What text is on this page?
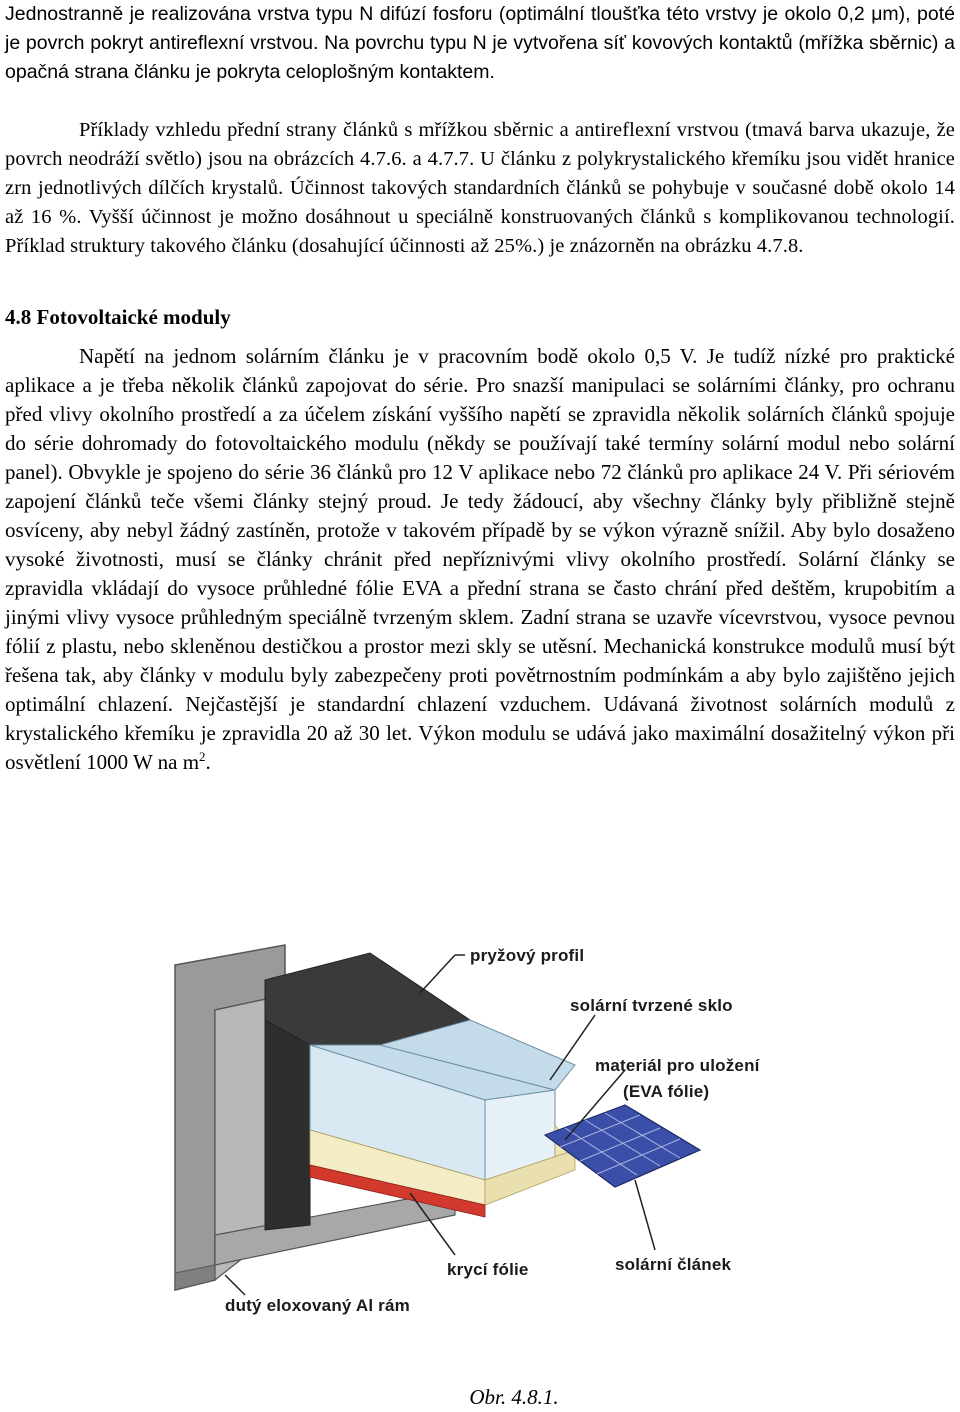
Jednostranně je realizována vrstva typu N difúzí fosforu (optimální tloušťka této vrstvy je okolo 0,2 μm), poté je povrch pokryt antireflexní vrstvou. Na povrchu typu N je vytvořena síť kovových kontaktů (mřížka sběrnic) a opačná strana článku je pokryta celoplošným kontaktem.

Příklady vzhledu přední strany článků s mřížkou sběrnic a antireflexní vrstvou (tmavá barva ukazuje, že povrch neodráží světlo) jsou na obrázcích 4.7.6. a 4.7.7. U článku z polykrystalického křemíku jsou vidět hranice zrn jednotlivých dílčích krystalů. Účinnost takových standardních článků se pohybuje v současné době okolo 14 až 16 %. Vyšší účinnost je možno dosáhnout u speciálně konstruovaných článků s komplikovanou technologií. Příklad struktury takového článku (dosahující účinnosti až 25%.) je znázorněn na obrázku 4.7.8.

4.8 Fotovoltaické moduly

Napětí na jednom solárním článku je v pracovním bodě okolo 0,5 V. Je tudíž nízké pro praktické aplikace a je třeba několik článků zapojovat do série. Pro snazší manipulaci se solárními články, pro ochranu před vlivy okolního prostředí a za účelem získání vyššího napětí se zpravidla několik solárních článků spojuje do série dohromady do fotovoltaického modulu (někdy se používají také termíny solární modul nebo solární panel). Obvykle je spojeno do série 36 článků pro 12 V aplikace nebo 72 článků pro aplikace 24 V. Při sériovém zapojení článků teče všemi články stejný proud. Je tedy žádoucí, aby všechny články byly přibližně stejně osvíceny, aby nebyl žádný zastíněn, protože v takovém případě by se výkon výrazně snížil. Aby bylo dosaženo vysoké životnosti, musí se články chránit před nepříznivými vlivy okolního prostředí. Solární články se zpravidla vkládají do vysoce průhledné fólie EVA a přední strana se často chrání před deštěm, krupobitím a jinými vlivy vysoce průhledným speciálně tvrzeným sklem. Zadní strana se uzavře vícevrstvou, vysoce pevnou fólií z plastu, nebo skleněnou destičkou a prostor mezi skly se utěsní. Mechanická konstrukce modulů musí být řešena tak, aby články v modulu byly zabezpečeny proti povětrnostním podmínkám a aby bylo zajištěno jejich optimální chlazení. Nejčastější je standardní chlazení vzduchem. Udávaná životnost solárních modulů z krystalického křemíku je zpravidla 20 až 30 let. Výkon modulu se udává jako maximální dosažitelný výkon při osvětlení 1000 W na $m^2$.

pryžový profil
solární tvrzené sklo
materiál pro uložení
(EVA fólie)
krycí fólie	solární článek
dutý eloxovaný Al rám

Obr. 4.8.1.
